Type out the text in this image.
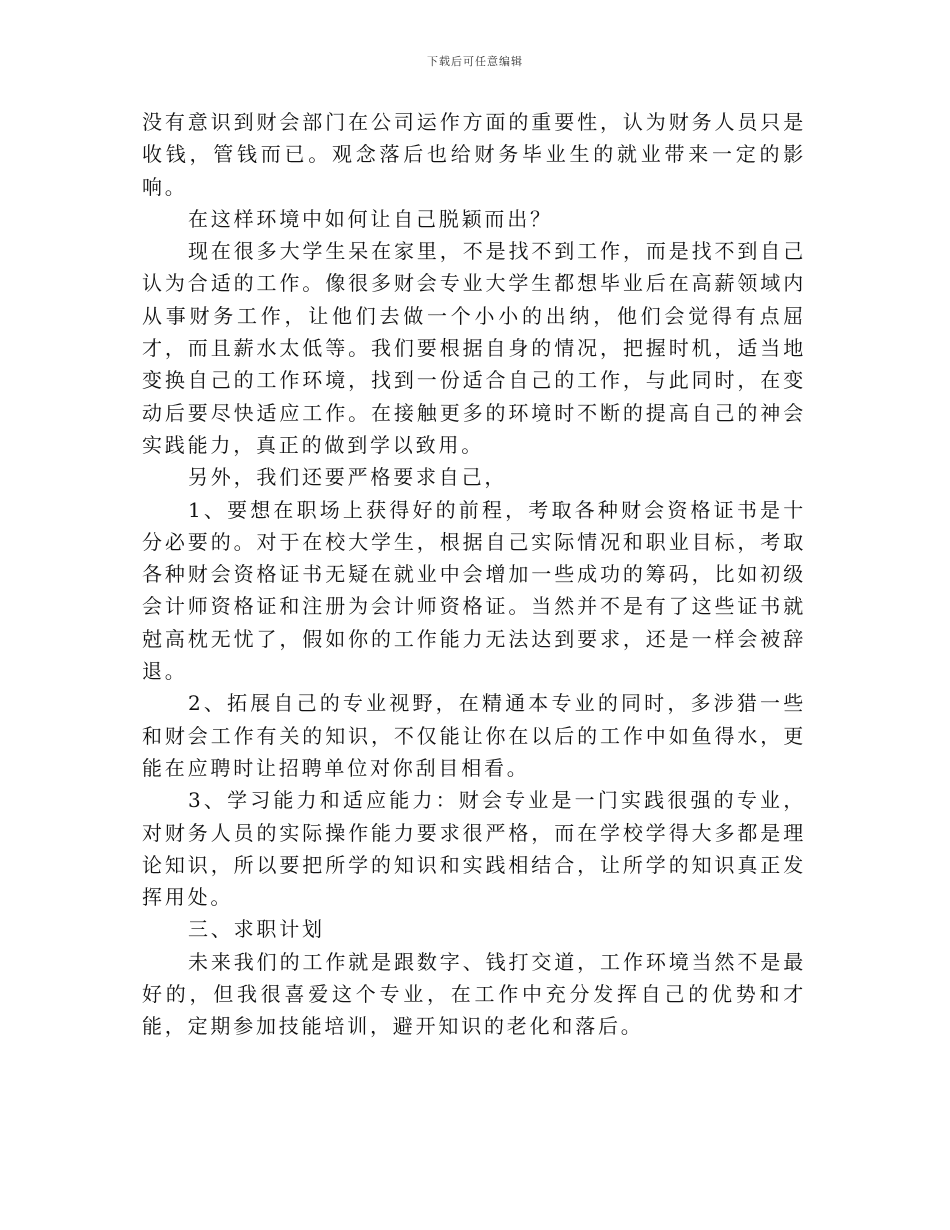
下载后可任意编辑

没有意识到财会部门在公司运作方面的重要性，认为财务人员只是收钱，管钱而已。观念落后也给财务毕业生的就业带来一定的影响。

在这样环境中如何让自己脱颖而出？

现在很多大学生呆在家里，不是找不到工作，而是找不到自己认为合适的工作。像很多财会专业大学生都想毕业后在高薪领域内从事财务工作，让他们去做一个小小的出纳，他们会觉得有点屈才，而且薪水太低等。我们要根据自身的情况，把握时机，适当地变换自己的工作环境，找到一份适合自己的工作，与此同时，在变动后要尽快适应工作。在接触更多的环境时不断的提高自己的神会实践能力，真正的做到学以致用。

另外，我们还要严格要求自己，

1、要想在职场上获得好的前程，考取各种财会资格证书是十分必要的。对于在校大学生，根据自己实际情况和职业目标，考取各种财会资格证书无疑在就业中会增加一些成功的筹码，比如初级会计师资格证和注册为会计师资格证。当然并不是有了这些证书就尅高枕无忧了，假如你的工作能力无法达到要求，还是一样会被辞退。

2、拓展自己的专业视野，在精通本专业的同时，多涉猎一些和财会工作有关的知识，不仅能让你在以后的工作中如鱼得水，更能在应聘时让招聘单位对你刮目相看。

3、学习能力和适应能力：财会专业是一门实践很强的专业，对财务人员的实际操作能力要求很严格，而在学校学得大多都是理论知识，所以要把所学的知识和实践相结合，让所学的知识真正发挥用处。

三、求职计划

未来我们的工作就是跟数字、钱打交道，工作环境当然不是最好的，但我很喜爱这个专业，在工作中充分发挥自己的优势和才能，定期参加技能培训，避开知识的老化和落后。
